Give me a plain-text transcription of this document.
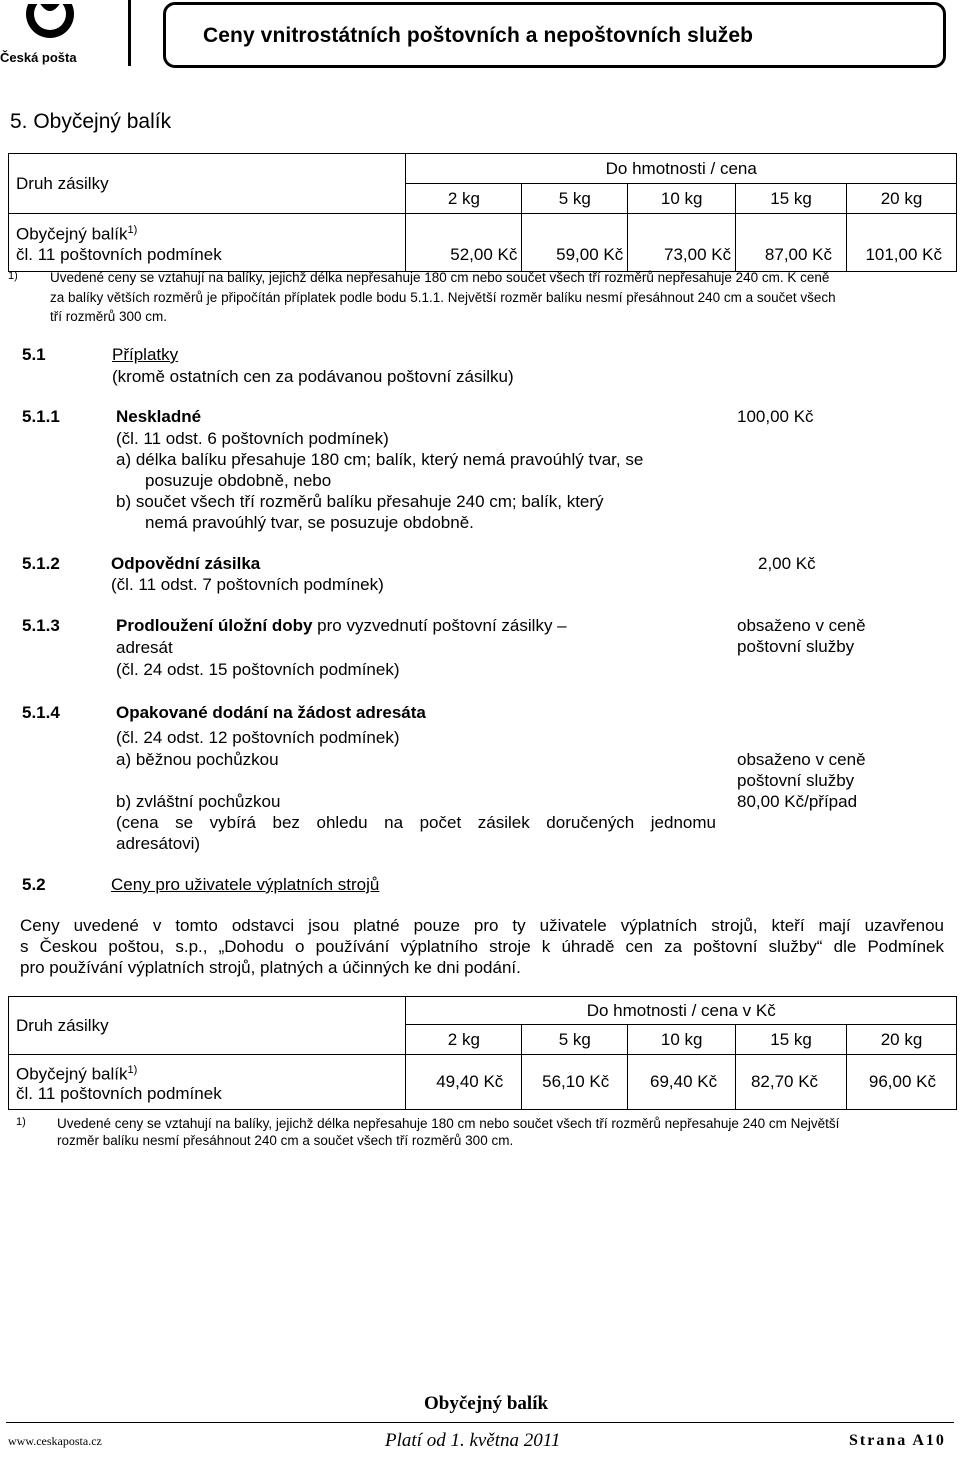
Česká pošta
Ceny vnitrostátních poštovních a nepoštovních služeb
5. Obyčejný balík
Druh zásilky	Do hmotnosti / cena				
	2 kg	5 kg	10 kg	15 kg	20 kg
Obyčejný balík$^{1)}$
čl. 11 poštovních podmínek	52,00 Kč	59,00 Kč	73,00 Kč	87,00 Kč	101,00 Kč
1) Uvedené ceny se vztahují na balíky, jejichž délka nepřesahuje 180 cm nebo součet všech tří rozměrů nepřesahuje 240 cm. K ceně
za balíky větších rozměrů je připočítán příplatek podle bodu 5.1.1. Největší rozměr balíku nesmí přesáhnout 240 cm a součet všech
tří rozměrů 300 cm.
5.1	Příplatky
(kromě ostatních cen za podávanou poštovní zásilku)
5.1.1	Neskladné	100,00 Kč
(čl. 11 odst. 6 poštovních podmínek)
a) délka balíku přesahuje 180 cm; balík, který nemá pravoúhlý tvar, se
posuzuje obdobně, nebo
b) součet všech tří rozměrů balíku přesahuje 240 cm; balík, který
nemá pravoúhlý tvar, se posuzuje obdobně.
5.1.2	Odpovědní zásilka	2,00 Kč
(čl. 11 odst. 7 poštovních podmínek)
5.1.3	Prodloužení úložní doby pro vyzvednutí poštovní zásilky –
adresát
(čl. 24 odst. 15 poštovních podmínek)
obsaženo v ceně
poštovní služby
5.1.4	Opakované dodání na žádost adresáta
(čl. 24 odst. 12 poštovních podmínek)
a) běžnou pochůzkou	obsaženo v ceně
poštovní služby
b) zvláštní pochůzkou	80,00 Kč/případ
(cena se vybírá bez ohledu na počet zásilek doručených jednomu
adresátovi)
5.2	Ceny pro uživatele výplatních strojů
Ceny uvedené v tomto odstavci jsou platné pouze pro ty uživatele výplatních strojů, kteří mají uzavřenou
s Českou poštou, s.p., „Dohodu o používání výplatního stroje k úhradě cen za poštovní služby“ dle Podmínek
pro používání výplatních strojů, platných a účinných ke dni podání.
Druh zásilky	Do hmotnosti / cena v Kč				
	2 kg	5 kg	10 kg	15 kg	20 kg
Obyčejný balík$^{1)}$
čl. 11 poštovních podmínek	49,40 Kč	56,10 Kč	69,40 Kč	82,70 Kč	96,00 Kč
1) Uvedené ceny se vztahují na balíky, jejichž délka nepřesahuje 180 cm nebo součet všech tří rozměrů nepřesahuje 240 cm Největší
rozměr balíku nesmí přesáhnout 240 cm a součet všech tří rozměrů 300 cm.
Obyčejný balík
www.ceskaposta.cz	Platí od 1. května 2011	Strana A10
